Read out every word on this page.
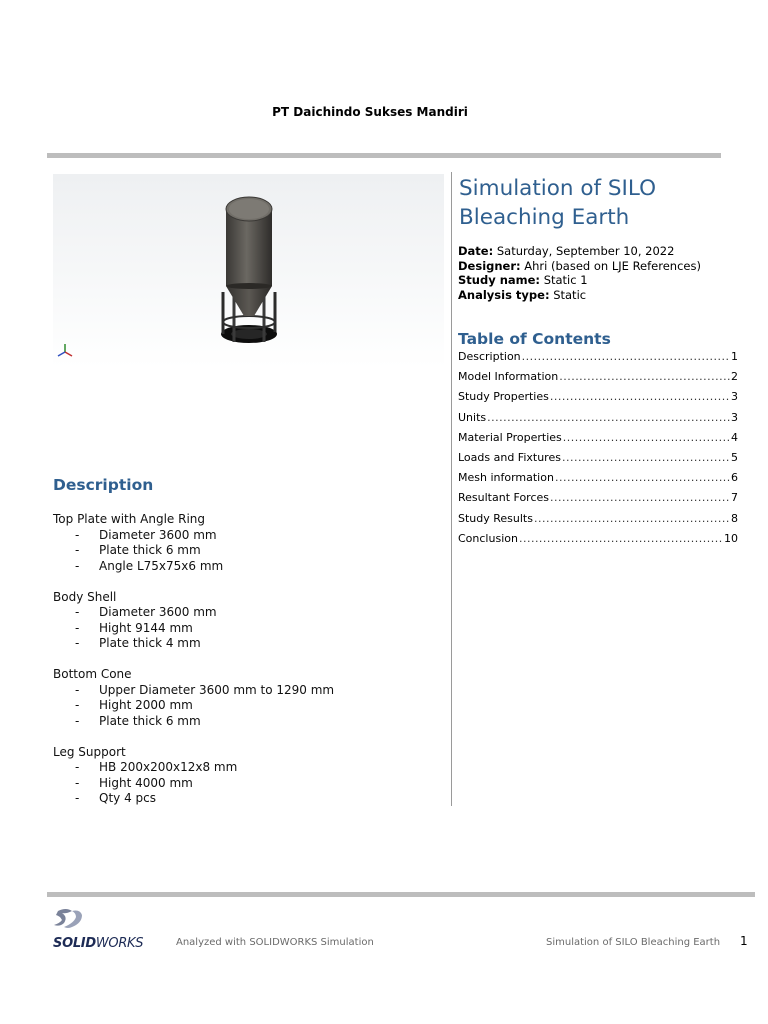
PT Daichindo Sukses Mandiri
Simulation of SILO
Bleaching Earth
Date: Saturday, September 10, 2022
Designer: Ahri (based on LJE References)
Study name: Static 1
Analysis type: Static
Table of Contents
Description .....	1
Model Information .....	2
Study Properties .....	3
Units .....	3
Material Properties .....	4
Loads and Fixtures .....	5
Mesh information .....	6
Resultant Forces .....	7
Study Results .....	8
Conclusion .....	10
Description
Top Plate with Angle Ring
-	Diameter 3600 mm
-	Plate thick 6 mm
-	Angle L75x75x6 mm
Body Shell
-	Diameter 3600 mm
-	Hight 9144 mm
-	Plate thick 4 mm
Bottom Cone
-	Upper Diameter 3600 mm to 1290 mm
-	Hight 2000 mm
-	Plate thick 6 mm
Leg Support
-	HB 200x200x12x8 mm
-	Hight 4000 mm
-	Qty 4 pcs
SOLIDWORKS	Analyzed with SOLIDWORKS Simulation	Simulation of SILO Bleaching Earth 1
